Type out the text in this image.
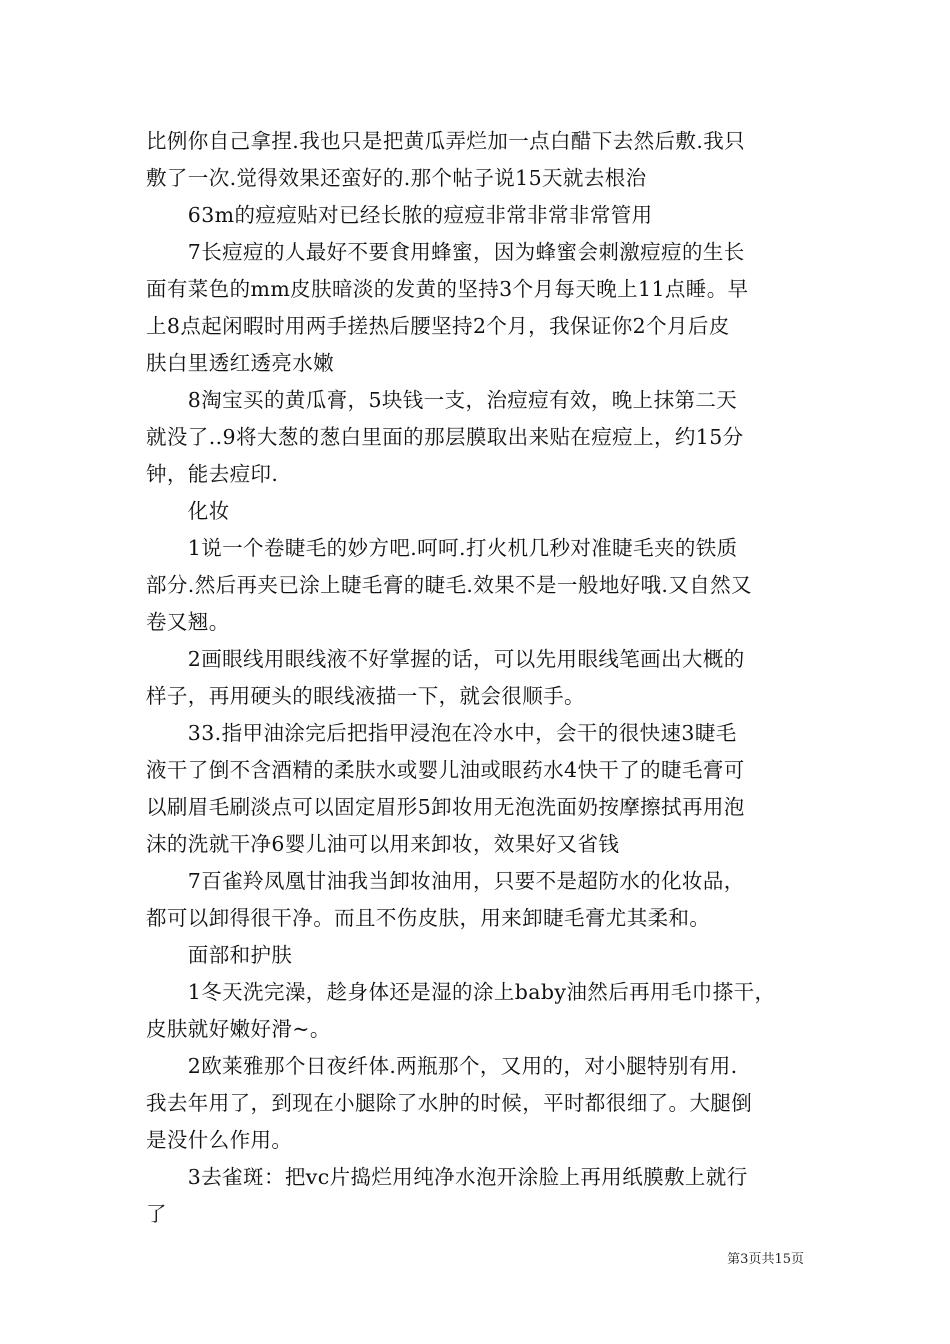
比例你自己拿捏.我也只是把黄瓜弄烂加一点白醋下去然后敷.我只
敷了一次.觉得效果还蛮好的.那个帖子说15天就去根治

　　63m的痘痘贴对已经长脓的痘痘非常非常非常管用

　　7长痘痘的人最好不要食用蜂蜜，因为蜂蜜会刺激痘痘的生长
面有菜色的mm皮肤暗淡的发黄的坚持3个月每天晚上11点睡。早
上8点起闲暇时用两手搓热后腰坚持2个月，我保证你2个月后皮
肤白里透红透亮水嫩

　　8淘宝买的黄瓜膏，5块钱一支，治痘痘有效，晚上抹第二天
就没了..9将大葱的葱白里面的那层膜取出来贴在痘痘上，约15分
钟，能去痘印.

　　化妆

　　1说一个卷睫毛的妙方吧.呵呵.打火机几秒对准睫毛夹的铁质
部分.然后再夹已涂上睫毛膏的睫毛.效果不是一般地好哦.又自然又
卷又翘。

　　2画眼线用眼线液不好掌握的话，可以先用眼线笔画出大概的
样子，再用硬头的眼线液描一下，就会很顺手。

　　33.指甲油涂完后把指甲浸泡在冷水中，会干的很快速3睫毛
液干了倒不含酒精的柔肤水或婴儿油或眼药水4快干了的睫毛膏可
以刷眉毛刷淡点可以固定眉形5卸妆用无泡洗面奶按摩擦拭再用泡
沫的洗就干净6婴儿油可以用来卸妆，效果好又省钱

　　7百雀羚凤凰甘油我当卸妆油用，只要不是超防水的化妆品，
都可以卸得很干净。而且不伤皮肤，用来卸睫毛膏尤其柔和。

　　面部和护肤

　　1冬天洗完澡，趁身体还是湿的涂上baby油然后再用毛巾搽干，
皮肤就好嫩好滑~。

　　2欧莱雅那个日夜纤体.两瓶那个，又用的，对小腿特别有用.
我去年用了，到现在小腿除了水肿的时候，平时都很细了。大腿倒
是没什么作用。

　　3去雀斑：把vc片捣烂用纯净水泡开涂脸上再用纸膜敷上就行
了

第3页共15页
